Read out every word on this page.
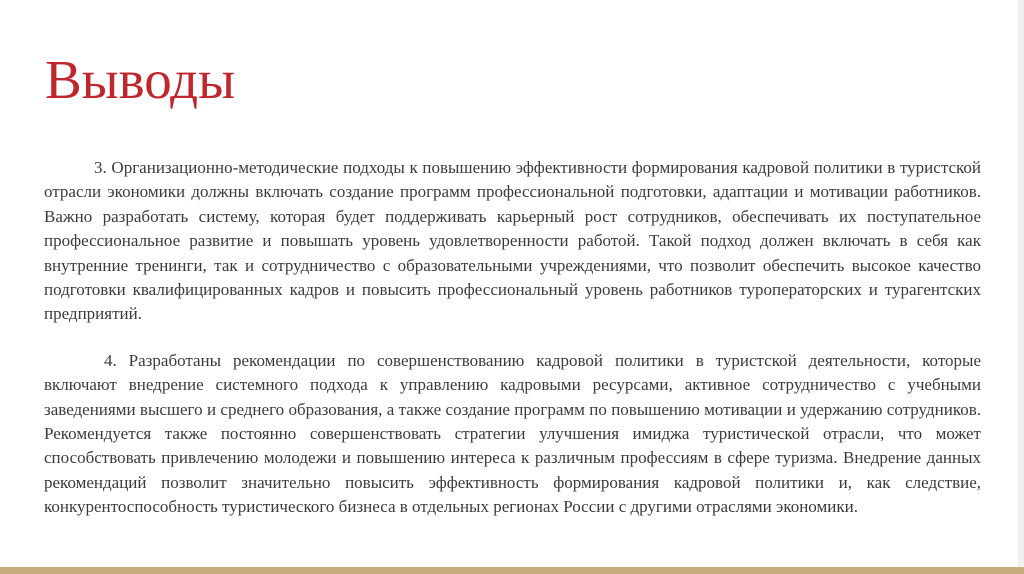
Выводы

3. Организационно-методические подходы к повышению эффективности формирования кадровой политики в туристской отрасли экономики должны включать создание программ профессиональной подготовки, адаптации и мотивации работников. Важно разработать систему, которая будет поддерживать карьерный рост сотрудников, обеспечивать их поступательное профессиональное развитие и повышать уровень удовлетворенности работой. Такой подход должен включать в себя как внутренние тренинги, так и сотрудничество с образовательными учреждениями, что позволит обеспечить высокое качество подготовки квалифицированных кадров и повысить профессиональный уровень работников туроператорских и турагентских предприятий.

4. Разработаны рекомендации по совершенствованию кадровой политики в туристской деятельности, которые включают внедрение системного подхода к управлению кадровыми ресурсами, активное сотрудничество с учебными заведениями высшего и среднего образования, а также создание программ по повышению мотивации и удержанию сотрудников. Рекомендуется также постоянно совершенствовать стратегии улучшения имиджа туристической отрасли, что может способствовать привлечению молодежи и повышению интереса к различным профессиям в сфере туризма. Внедрение данных рекомендаций позволит значительно повысить эффективность формирования кадровой политики и, как следствие, конкурентоспособность туристического бизнеса в отдельных регионах России с другими отраслями экономики.
